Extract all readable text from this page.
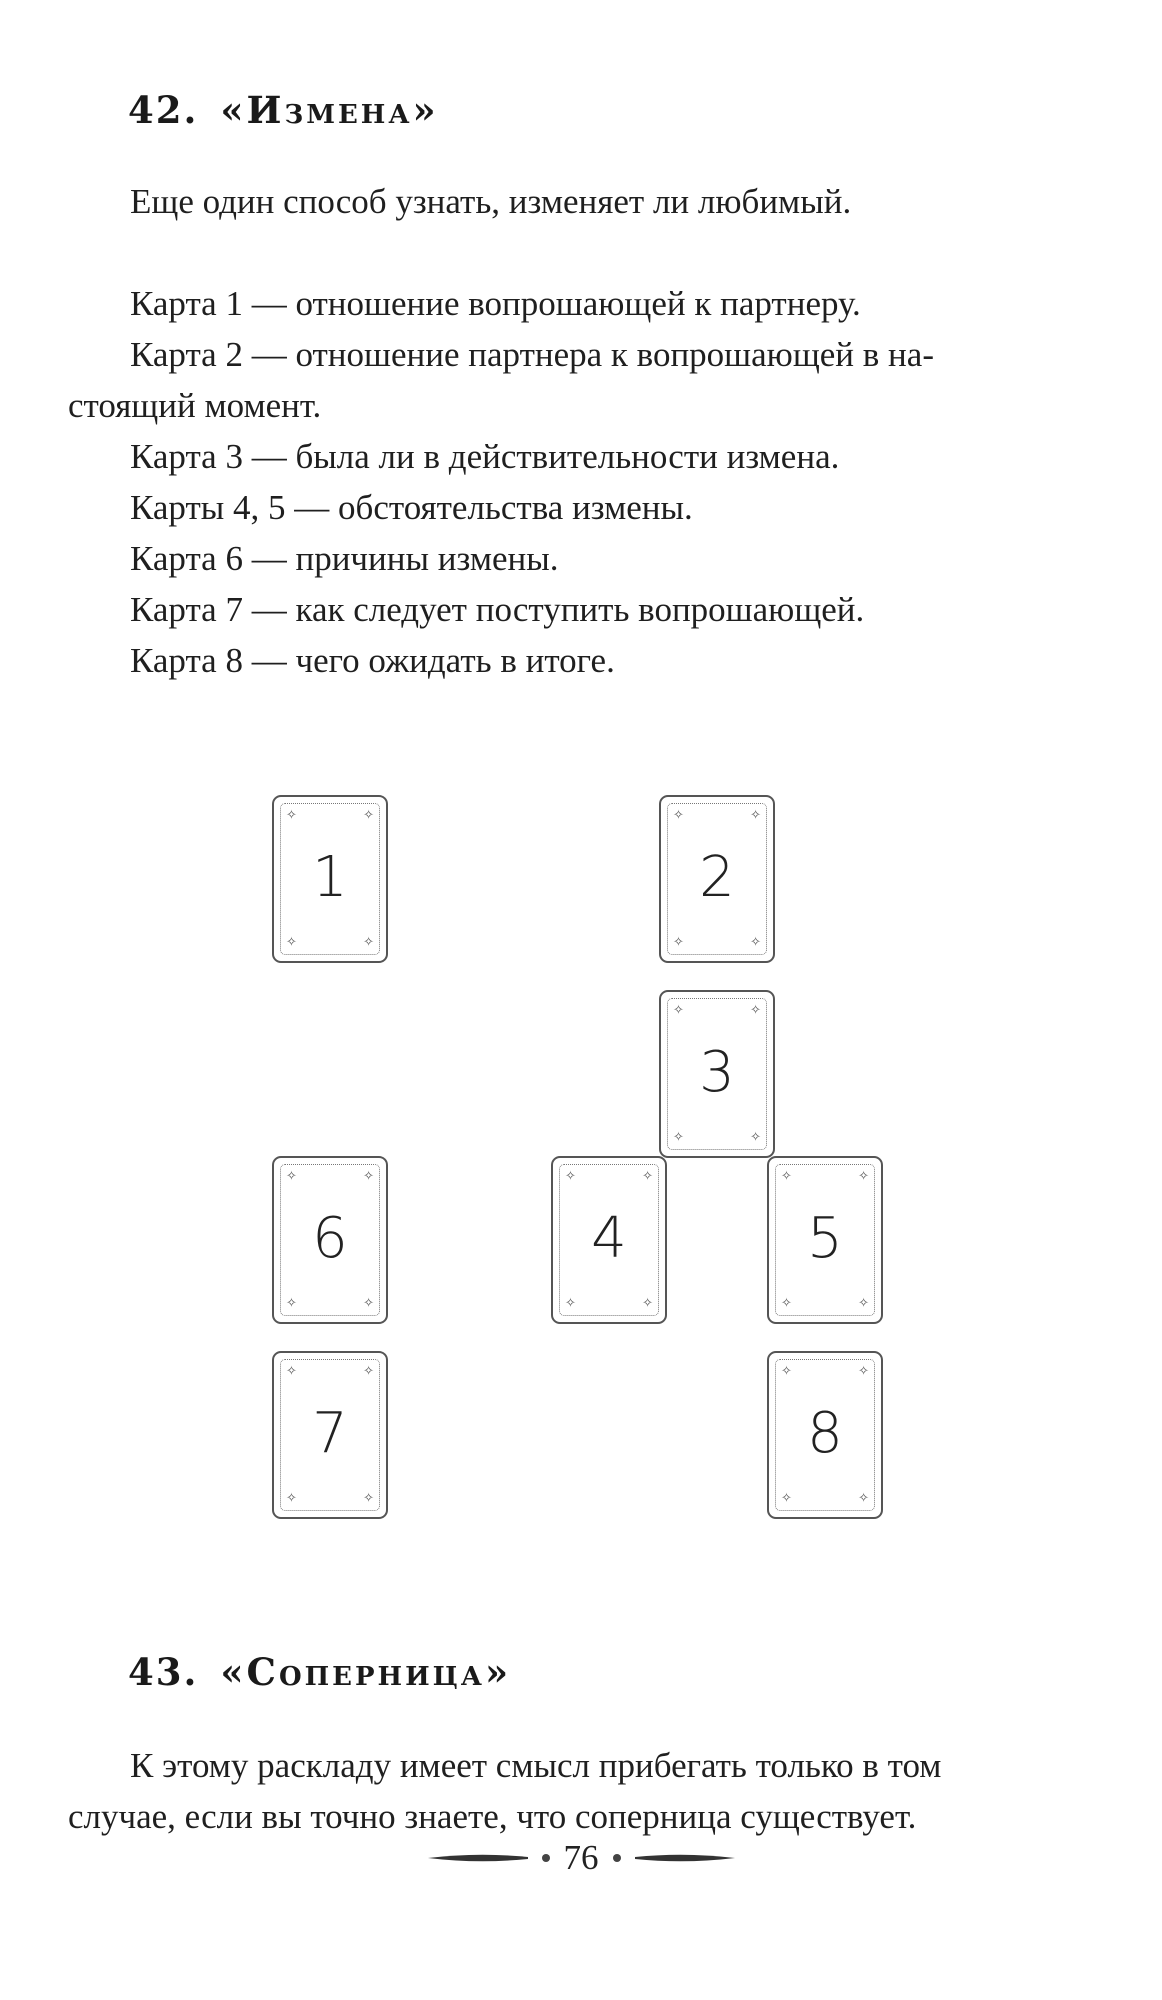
42. «Измена»
Еще один способ узнать, изменяет ли любимый.
Карта 1 — отношение вопрошающей к партнеру.
Карта 2 — отношение партнера к вопрошающей в на-
стоящий момент.
Карта 3 — была ли в действительности измена.
Карты 4, 5 — обстоятельства измены.
Карта 6 — причины измены.
Карта 7 — как следует поступить вопрошающей.
Карта 8 — чего ожидать в итоге.
✧	✧
✧	✧
1
✧	✧
✧	✧
2
✧	✧
✧	✧
3
✧	✧
✧	✧
4
✧	✧
✧	✧
5
✧	✧
✧	✧
6
✧	✧
✧	✧
7
✧	✧
✧	✧
8
43. «Соперница»
К этому раскладу имеет смысл прибегать только в том
случае, если вы точно знаете, что соперница существует.
76
